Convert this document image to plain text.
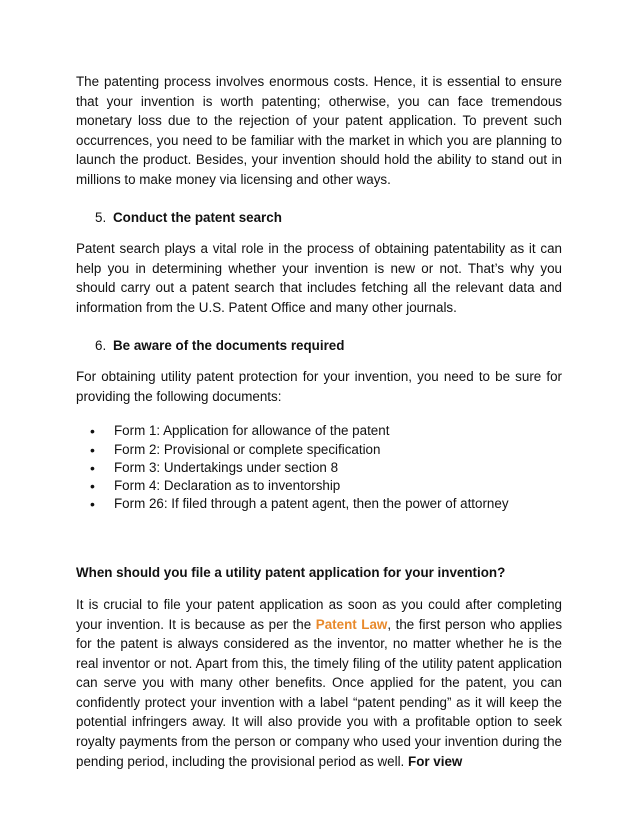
The patenting process involves enormous costs. Hence, it is essential to ensure that your invention is worth patenting; otherwise, you can face tremendous monetary loss due to the rejection of your patent application. To prevent such occurrences, you need to be familiar with the market in which you are planning to launch the product. Besides, your invention should hold the ability to stand out in millions to make money via licensing and other ways.

5. Conduct the patent search

Patent search plays a vital role in the process of obtaining patentability as it can help you in determining whether your invention is new or not. That’s why you should carry out a patent search that includes fetching all the relevant data and information from the U.S. Patent Office and many other journals.

6. Be aware of the documents required

For obtaining utility patent protection for your invention, you need to be sure for providing the following documents:

•	Form 1: Application for allowance of the patent
•	Form 2: Provisional or complete specification
•	Form 3: Undertakings under section 8
•	Form 4: Declaration as to inventorship
•	Form 26: If filed through a patent agent, then the power of attorney
When should you file a utility patent application for your invention?

It is crucial to file your patent application as soon as you could after completing your invention. It is because as per the Patent Law, the first person who applies for the patent is always considered as the inventor, no matter whether he is the real inventor or not. Apart from this, the timely filing of the utility patent application can serve you with many other benefits. Once applied for the patent, you can confidently protect your invention with a label “patent pending” as it will keep the potential infringers away. It will also provide you with a profitable option to seek royalty payments from the person or company who used your invention during the pending period, including the provisional period as well. For view
